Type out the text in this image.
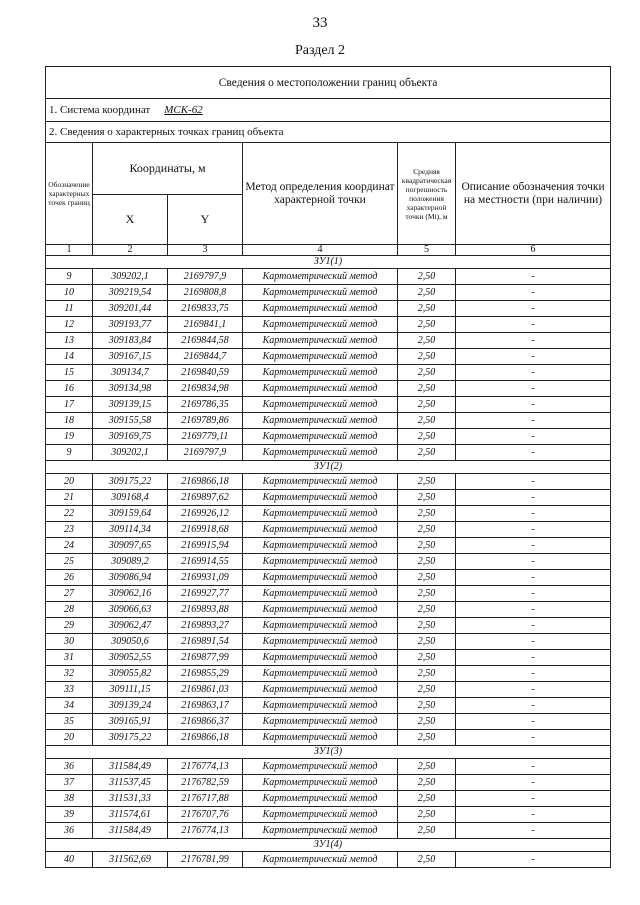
33
Раздел 2
Сведения о местоположении границ объекта					
1. Система координат МСК-62					
2. Сведения о характерных точках границ объекта					
Обозначение характерных точек границ	Координаты, м		Метод определения координат характерной точки	Средняя квадратическая погрешность положения характерной точки (Mt), м	Описание обозначения точки на местности (при наличии)
	X	Y			
1	2	3	4	5	6
ЗУ1(1)					
9	309202,1	2169797,9	Картометрический метод	2,50	-
10	309219,54	2169808,8	Картометрический метод	2,50	-
11	309201,44	2169833,75	Картометрический метод	2,50	-
12	309193,77	2169841,1	Картометрический метод	2,50	-
13	309183,84	2169844,58	Картометрический метод	2,50	-
14	309167,15	2169844,7	Картометрический метод	2,50	-
15	309134,7	2169840,59	Картометрический метод	2,50	-
16	309134,98	2169834,98	Картометрический метод	2,50	-
17	309139,15	2169786,35	Картометрический метод	2,50	-
18	309155,58	2169789,86	Картометрический метод	2,50	-
19	309169,75	2169779,11	Картометрический метод	2,50	-
9	309202,1	2169797,9	Картометрический метод	2,50	-
ЗУ1(2)					
20	309175,22	2169866,18	Картометрический метод	2,50	-
21	309168,4	2169897,62	Картометрический метод	2,50	-
22	309159,64	2169926,12	Картометрический метод	2,50	-
23	309114,34	2169918,68	Картометрический метод	2,50	-
24	309097,65	2169915,94	Картометрический метод	2,50	-
25	309089,2	2169914,55	Картометрический метод	2,50	-
26	309086,94	2169931,09	Картометрический метод	2,50	-
27	309062,16	2169927,77	Картометрический метод	2,50	-
28	309066,63	2169893,88	Картометрический метод	2,50	-
29	309062,47	2169893,27	Картометрический метод	2,50	-
30	309050,6	2169891,54	Картометрический метод	2,50	-
31	309052,55	2169877,99	Картометрический метод	2,50	-
32	309055,82	2169855,29	Картометрический метод	2,50	-
33	309111,15	2169861,03	Картометрический метод	2,50	-
34	309139,24	2169863,17	Картометрический метод	2,50	-
35	309165,91	2169866,37	Картометрический метод	2,50	-
20	309175,22	2169866,18	Картометрический метод	2,50	-
ЗУ1(3)					
36	311584,49	2176774,13	Картометрический метод	2,50	-
37	311537,45	2176782,59	Картометрический метод	2,50	-
38	311531,33	2176717,88	Картометрический метод	2,50	-
39	311574,61	2176707,76	Картометрический метод	2,50	-
36	311584,49	2176774,13	Картометрический метод	2,50	-
ЗУ1(4)					
40	311562,69	2176781,99	Картометрический метод	2,50	-
